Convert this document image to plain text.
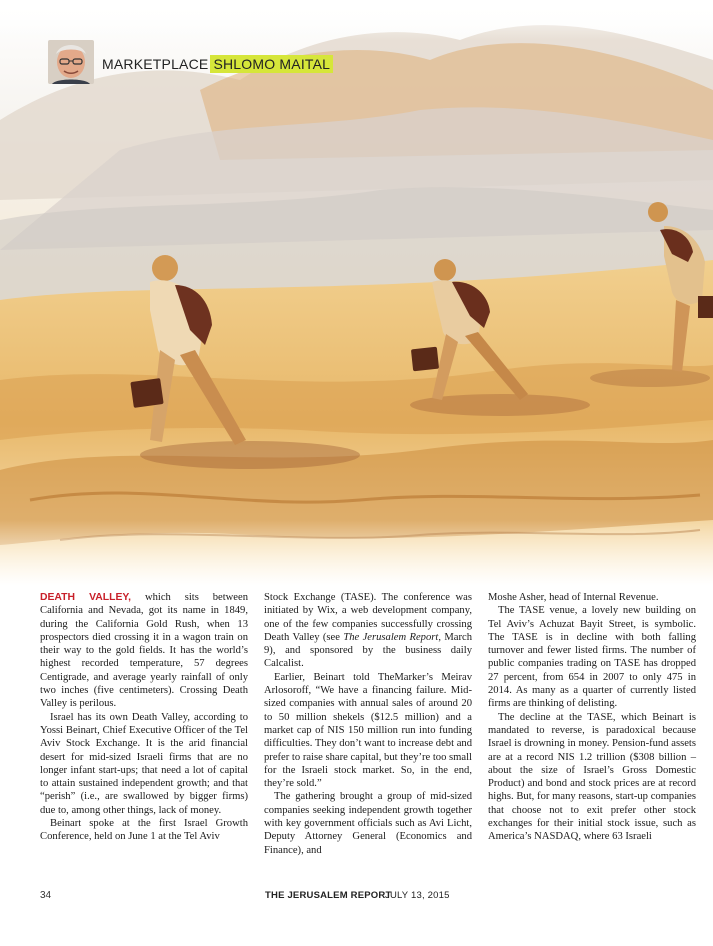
MARKETPLACE SHLOMO MAITAL

DEATH VALLEY, which sits between California and Nevada, got its name in 1849, during the California Gold Rush, when 13 prospectors died crossing it in a wagon train on their way to the gold fields. It has the world’s highest recorded temperature, 57 degrees Centigrade, and average yearly rainfall of only two inches (five centimeters). Crossing Death Valley is perilous.

Israel has its own Death Valley, according to Yossi Beinart, Chief Executive Officer of the Tel Aviv Stock Exchange. It is the arid financial desert for mid-sized Israeli firms that are no longer infant start-ups; that need a lot of capital to attain sustained independent growth; and that “perish” (i.e., are swallowed by bigger firms) due to, among other things, lack of money.

Beinart spoke at the first Israel Growth Conference, held on June 1 at the Tel Aviv

Stock Exchange (TASE). The conference was initiated by Wix, a web development company, one of the few companies successfully crossing Death Valley (see The Jerusalem Report, March 9), and sponsored by the business daily Calcalist.

Earlier, Beinart told TheMarker’s Meirav Arlosoroff, “We have a financing failure. Mid-sized companies with annual sales of around 20 to 50 million shekels ($12.5 million) and a market cap of NIS 150 million run into funding difficulties. They don’t want to increase debt and prefer to raise share capital, but they’re too small for the Israeli stock market. So, in the end, they’re sold.”

The gathering brought a group of mid-sized companies seeking independent growth together with key government officials such as Avi Licht, Deputy Attorney General (Economics and Finance), and

Moshe Asher, head of Internal Revenue.

The TASE venue, a lovely new building on Tel Aviv’s Achuzat Bayit Street, is symbolic. The TASE is in decline with both falling turnover and fewer listed firms. The number of public companies trading on TASE has dropped 27 percent, from 654 in 2007 to only 475 in 2014. As many as a quarter of currently listed firms are thinking of delisting.

The decline at the TASE, which Beinart is mandated to reverse, is paradoxical because Israel is drowning in money. Pension-fund assets are at a record NIS 1.2 trillion ($308 billion – about the size of Israel’s Gross Domestic Product) and bond and stock prices are at record highs. But, for many reasons, start-up companies that choose not to exit prefer other stock exchanges for their initial stock issue, such as America’s NASDAQ, where 63 Israeli

34	THE JERUSALEM REPORT
JULY 13, 2015
